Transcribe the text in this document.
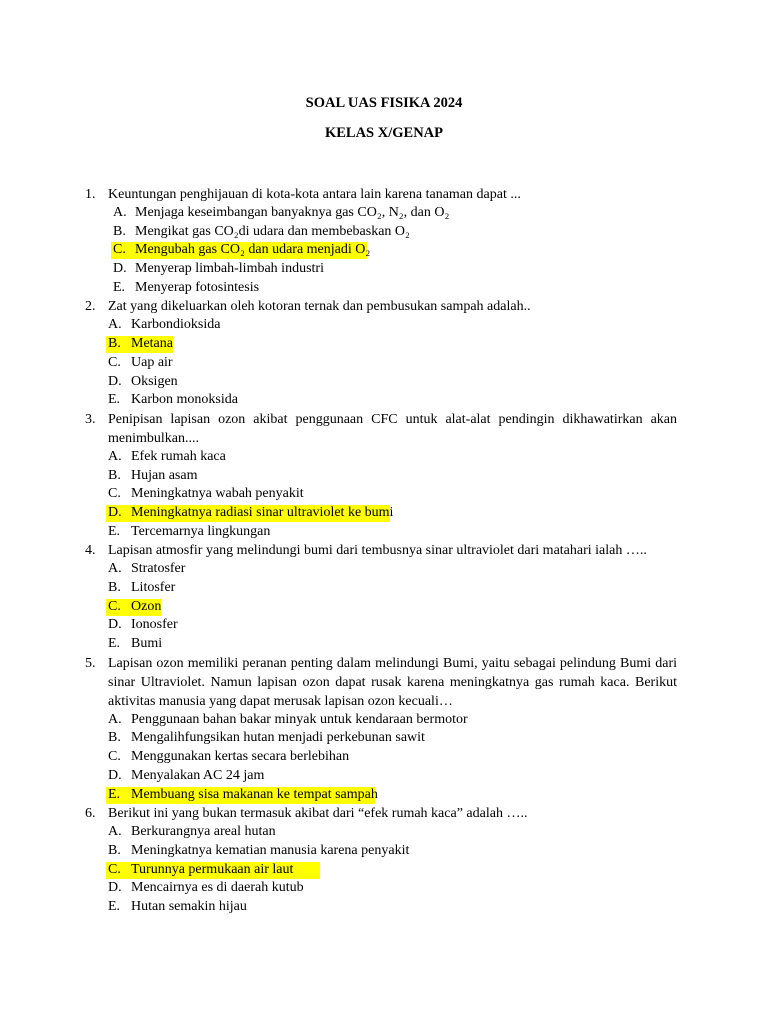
SOAL UAS FISIKA 2024
KELAS X/GENAP
1. Keuntungan penghijauan di kota-kota antara lain karena tanaman dapat ...
A. Menjaga keseimbangan banyaknya gas CO₂, N₂, dan O₂
B. Mengikat gas CO₂di udara dan membebaskan O₂
C. Mengubah gas CO₂ dan udara menjadi O₂
D. Menyerap limbah-limbah industri
E. Menyerap fotosintesis
2. Zat yang dikeluarkan oleh kotoran ternak dan pembusukan sampah adalah..
A. Karbondioksida
B. Metana
C. Uap air
D. Oksigen
E. Karbon monoksida
3. Penipisan lapisan ozon akibat penggunaan CFC untuk alat-alat pendingin dikhawatirkan akan menimbulkan....
A. Efek rumah kaca
B. Hujan asam
C. Meningkatnya wabah penyakit
D. Meningkatnya radiasi sinar ultraviolet ke bumi
E. Tercemarnya lingkungan
4. Lapisan atmosfir yang melindungi bumi dari tembusnya sinar ultraviolet dari matahari ialah …..
A. Stratosfer
B. Litosfer
C. Ozon
D. Ionosfer
E. Bumi
5. Lapisan ozon memiliki peranan penting dalam melindungi Bumi, yaitu sebagai pelindung Bumi dari sinar Ultraviolet. Namun lapisan ozon dapat rusak karena meningkatnya gas rumah kaca. Berikut aktivitas manusia yang dapat merusak lapisan ozon kecuali…
A. Penggunaan bahan bakar minyak untuk kendaraan bermotor
B. Mengalihfungsikan hutan menjadi perkebunan sawit
C. Menggunakan kertas secara berlebihan
D. Menyalakan AC 24 jam
E. Membuang sisa makanan ke tempat sampah
6. Berikut ini yang bukan termasuk akibat dari “efek rumah kaca” adalah …..
A. Berkurangnya areal hutan
B. Meningkatnya kematian manusia karena penyakit
C. Turunnya permukaan air laut
D. Mencairnya es di daerah kutub
E. Hutan semakin hijau
